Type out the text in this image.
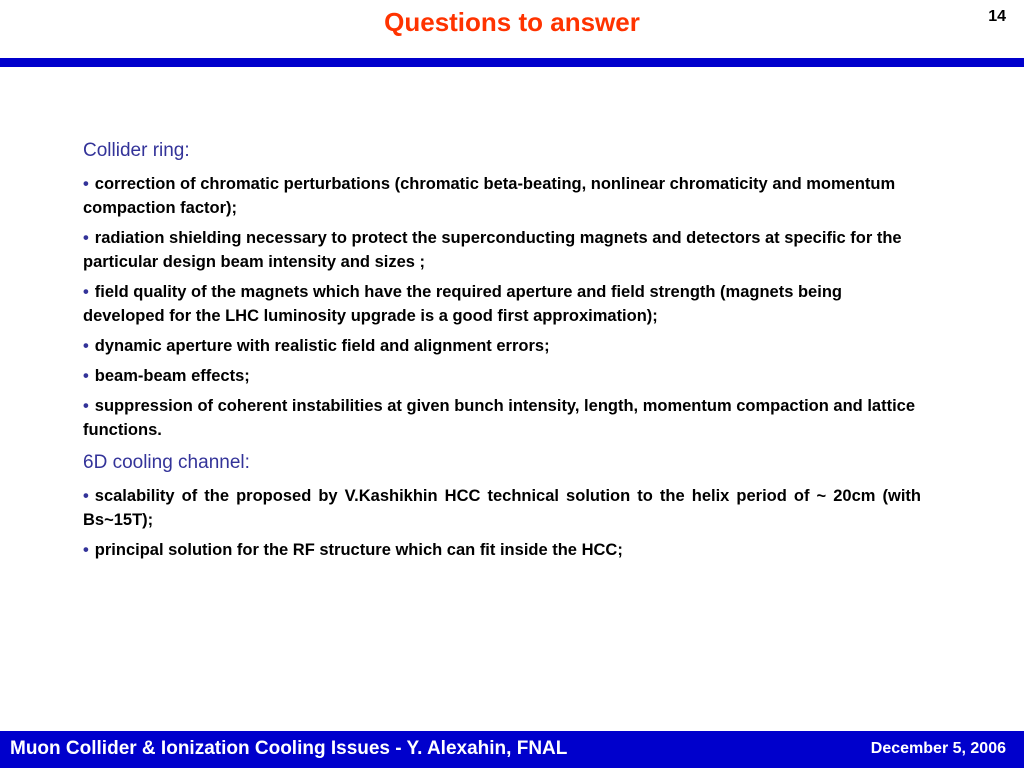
Questions to answer	14
Collider ring:
• correction of chromatic perturbations (chromatic beta-beating, nonlinear chromaticity and momentum compaction factor);
• radiation shielding necessary to protect the superconducting magnets and detectors at specific for the particular design beam intensity and sizes ;
• field quality of the magnets which have the required aperture and field strength (magnets being developed for the LHC luminosity upgrade is a good first approximation);
• dynamic aperture with realistic field and alignment errors;
• beam-beam effects;
• suppression of coherent instabilities at given bunch intensity, length, momentum compaction and lattice functions.
6D cooling channel:
• scalability of the proposed by V.Kashikhin HCC technical solution to the helix period of ~ 20cm (with Bs~15T);
• principal solution for the RF structure which can fit inside the HCC;
Muon Collider & Ionization Cooling Issues - Y. Alexahin, FNAL	December 5, 2006
